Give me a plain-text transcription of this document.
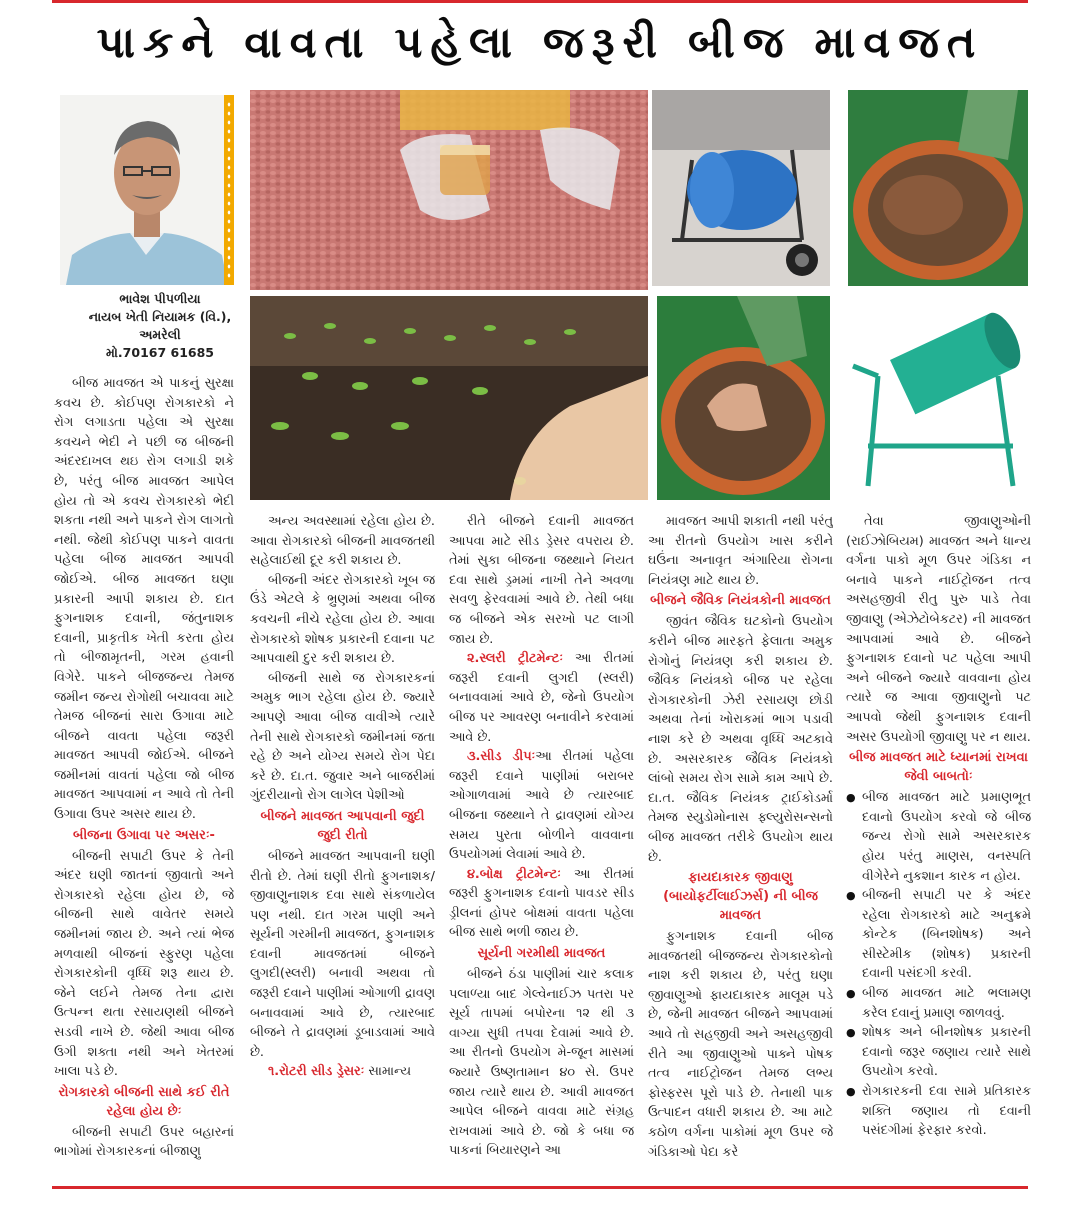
પાકને વાવતા પહેલા જરૂરી બીજ માવજત
ભાવેશ પીપળીયા
નાયબ ખેતી નિયામક (વિ.),
અમરેલી
મો.70167 61685

બીજ માવજત એ પાકનું સુરક્ષા કવચ છે. કોઈપણ રોગકારકો ને રોગ લગાડતા પહેલા એ સુરક્ષા કવચને ભેદી ને પછી જ બીજની અંદરદાખલ થઇ રોગ લગાડી શકે છે, પરંતુ બીજ માવજત આપેલ હોય તો એ કવચ રોગકારકો ભેદી શકતા નથી અને પાકને રોગ લાગતો નથી. જેથી કોઈપણ પાકને વાવતા પહેલા બીજ માવજત આપવી જોઈએ. બીજ માવજત ઘણા પ્રકારની આપી શકાય છે. દાત ફુગનાશક દવાની, જંતુનાશક દવાની, પ્રાકૃતીક ખેતી કરતા હોય તો બીજામૃતની, ગરમ હવાની વિગેરે. પાકને બીજજન્ય તેમજ જમીન જન્ય રોગોથી બચાવવા માટે તેમજ બીજનાં સારા ઉગાવા માટે બીજને વાવતા પહેલા જરૂરી માવજત આપવી જોઈએ. બીજને જમીનમાં વાવતાં પહેલા જો બીજ માવજત આપવામાં ન આવે તો તેની ઉગાવા ઉપર અસર થાય છે.

બીજના ઉગાવા પર અસરઃ-

બીજની સપાટી ઉપર કે તેની અંદર ઘણી જાતનાં જીવાતો અને રોગકારકો રહેલા હોય છે, જે બીજની સાથે વાવેતર સમયે જમીનમાં જાય છે. અને ત્યાં ભેજ મળવાથી બીજનાં સ્ફુરણ પહેલા રોગકારકોની વૃધ્ધિ શરૂ થાય છે. જેને લઈને તેમજ તેના દ્વારા ઉત્પન્ન થતા રસાયણથી બીજને સડવી નાખે છે. જેથી આવા બીજ ઉગી શક્તા નથી અને ખેતરમાં ખાલા પડે છે.

રોગકારકો બીજની સાથે કઈ રીતે રહેલા હોય છેઃ

બીજની સપાટી ઉપર બહારનાં ભાગોમાં રોગકારકનાં બીજાણુ

અન્ય અવસ્થામાં રહેલા હોય છે. આવા રોગકારકો બીજની માવજતથી સહેલાઈથી દૂર કરી શકાય છે.

બીજની અંદર રોગકારકો ખૂબ જ ઉંડે એટલે કે ભ્રુણમાં અથવા બીજ કવચની નીચે રહેલા હોય છે. આવા રોગકારકો શોષક પ્રકારની દવાના પટ આપવાથી દુર કરી શકાય છે.

બીજની સાથે જ રોગકારકનાં અમુક ભાગ રહેલા હોય છે. જ્યારે આપણે આવા બીજ વાવીએ ત્યારે તેની સાથે રોગકારકો જમીનમાં જતા રહે છે અને યોગ્ય સમયે રોગ પેદા કરે છે. દા.ત. જુવાર અને બાજરીમાં ગુંદરીયાનો રોગ લાગેલ પેશીઓ

બીજને માવજત આપવાની જુદી જુદી રીતો

બીજને માવજત આપવાની ઘણી રીતો છે. તેમાં ઘણી રીતો ફુગનાશક/જીવાણુનાશક દવા સાથે સંકળાયેલ પણ નથી. દાત ગરમ પાણી અને સૂર્યની ગરમીની માવજત, ફુગનાશક દવાની માવજતમાં બીજને લુગદી(સ્લરી) બનાવી અથવા તો જરૂરી દવાને પાણીમાં ઓગાળી દ્રાવણ બનાવવામાં આવે છે, ત્યારબાદ બીજને તે દ્રાવણમાં ડૂબાડવામાં આવે છે.

૧.રોટરી સીડ ડ્રેસરઃ સામાન્ય

રીતે બીજને દવાની માવજત આપવા માટે સીડ ડ્રેસર વપરાય છે. તેમાં સુકા બીજના જથ્થાને નિયત દવા સાથે ડ્રમમાં નાખી તેને અવળા સવળુ ફેરવવામાં આવે છે. તેથી બધા જ બીજને એક સરખો પટ લાગી જાય છે.

૨.સ્લરી ટ્રીટમેન્ટઃ આ રીતમાં જરૂરી દવાની લુગદી (સ્લરી) બનાવવામાં આવે છે, જેનો ઉપયોગ બીજ પર આવરણ બનાવીને કરવામાં આવે છે.

૩.સીડ ડીપઃઆ રીતમાં પહેલા જરૂરી દવાને પાણીમાં બરાબર ઓગાળવામાં આવે છે ત્યારબાદ બીજના જથ્થાને તે દ્રાવણમાં યોગ્ય સમય પુરતા બોળીને વાવવાના ઉપયોગમાં લેવામાં આવે છે.

૪.બોક્ષ ટ્રીટમેન્ટઃ આ રીતમાં જરૂરી ફુગનાશક દવાનો પાવડર સીડ ડ્રીલનાં હોપર બોક્ષમાં વાવતા પહેલા બીજ સાથે ભળી જાય છે.

સૂર્યની ગરમીથી માવજત

બીજને ઠંડા પાણીમાં ચાર કલાક પલાળ્યા બાદ ગેલ્વેનાઈઝ પતરા પર સૂર્ય તાપમાં બપોરના ૧૨ થી ૩ વાગ્યા સુધી તપવા દેવામાં આવે છે. આ રીતનો ઉપયોગ મે-જૂન માસમાં જ્યારે ઉષ્ણતામાન ૪૦ સે. ઉપર જાય ત્યારે થાય છે. આવી માવજત આપેલ બીજને વાવવા માટે સંગ્રહ રાખવામાં આવે છે. જો કે બધા જ પાકનાં બિયારણને આ

માવજત આપી શકાતી નથી પરંતુ આ રીતનો ઉપયોગ ખાસ કરીને ઘઉંના અનાવૃત અંગારિયા રોગના નિયંત્રણ માટે થાય છે.

બીજને જૈવિક નિયંત્રકોની માવજત

જીવંત જૈવિક ઘટકોનો ઉપયોગ કરીને બીજ મારફતે ફેલાતા અમુક રોગોનું નિયંત્રણ કરી શકાય છે. જૈવિક નિયંત્રકો બીજ પર રહેલા રોગકારકોની ઝેરી રસાયણ છોડી અથવા તેનાં ખોરાકમાં ભાગ પડાવી નાશ કરે છે અથવા વૃધ્ધિ અટકાવે છે. અસરકારક જૈવિક નિયંત્રકો લાંબો સમય રોગ સામે કામ આપે છે. દા.ત. જૈવિક નિયંત્રક ટ્રાઈકોડર્મા તેમજ સ્યુડોમોનાસ ફ્લ્યુરોસન્સનો બીજ માવજત તરીકે ઉપયોગ થાય છે.

ફાયદાકારક જીવાણુ (બાયોફર્ટીલાઈઝર્સ) ની બીજ માવજત

ફુગનાશક દવાની બીજ માવજતથી બીજજન્ય રોગકારકોનો નાશ કરી શકાય છે, પરંતુ ઘણા જીવાણુઓ ફાયદાકારક માલૂમ પડે છે, જેની માવજત બીજને આપવામાં આવે તો સહજીવી અને અસહજીવી રીતે આ જીવાણુઓ પાક્ને પોષક તત્વ નાઈટ્રોજન તેમજ લભ્ય ફોસ્ફરસ પૂરો પાડે છે. તેનાથી પાક ઉત્પાદન વધારી શકાય છે. આ માટે કઠોળ વર્ગના પાકોમાં મૂળ ઉપર જે ગંડિકાઓ પેદા કરે

તેવા જીવાણુઓની (રાઈઝોબિયમ) માવજત અને ધાન્ય વર્ગના પાકો મૂળ ઉપર ગંડિકા ન બનાવે પાકને નાઈટ્રોજન તત્વ અસહજીવી રીતુ પુરુ પાડે તેવા જીવાણુ (એઝેટોબેકટર) ની માવજત આપવામાં આવે છે. બીજને ફુગનાશક દવાનો પટ પહેલા આપી અને બીજને જ્યારે વાવવાના હોય ત્યારે જ આવા જીવાણુનો પટ આપવો જેથી ફુગનાશક દવાની અસર ઉપયોગી જીવાણુ પર ન થાય.

બીજ માવજત માટે ધ્યાનમાં રાખવા જેવી બાબતોઃ
● બીજ માવજત માટે પ્રમાણભૂત દવાનો ઉપયોગ કરવો જે બીજ જન્ય રોગો સામે અસરકારક હોય પરંતુ માણસ, વનસ્પતિ વીગેરેને નુકશાન કારક ન હોય.
● બીજની સપાટી પર કે અંદર રહેલા રોગકારકો માટે અનુક્રમે કોન્ટેક (બિનશોષક) અને સીસ્ટેમીક (શોષક) પ્રકારની દવાની પસંદગી કરવી.
● બીજ માવજત માટે ભલામણ કરેલ દવાનું પ્રમાણ જાળવવું.
● શોષક અને બીનશોષક પ્રકારની દવાનો જરૂર જણાય ત્યારે સાથે ઉપયોગ કરવો.
● રોગકારકની દવા સામે પ્રતિકારક શક્તિ જણાય તો દવાની પસંદગીમાં ફેરફાર કરવો.
